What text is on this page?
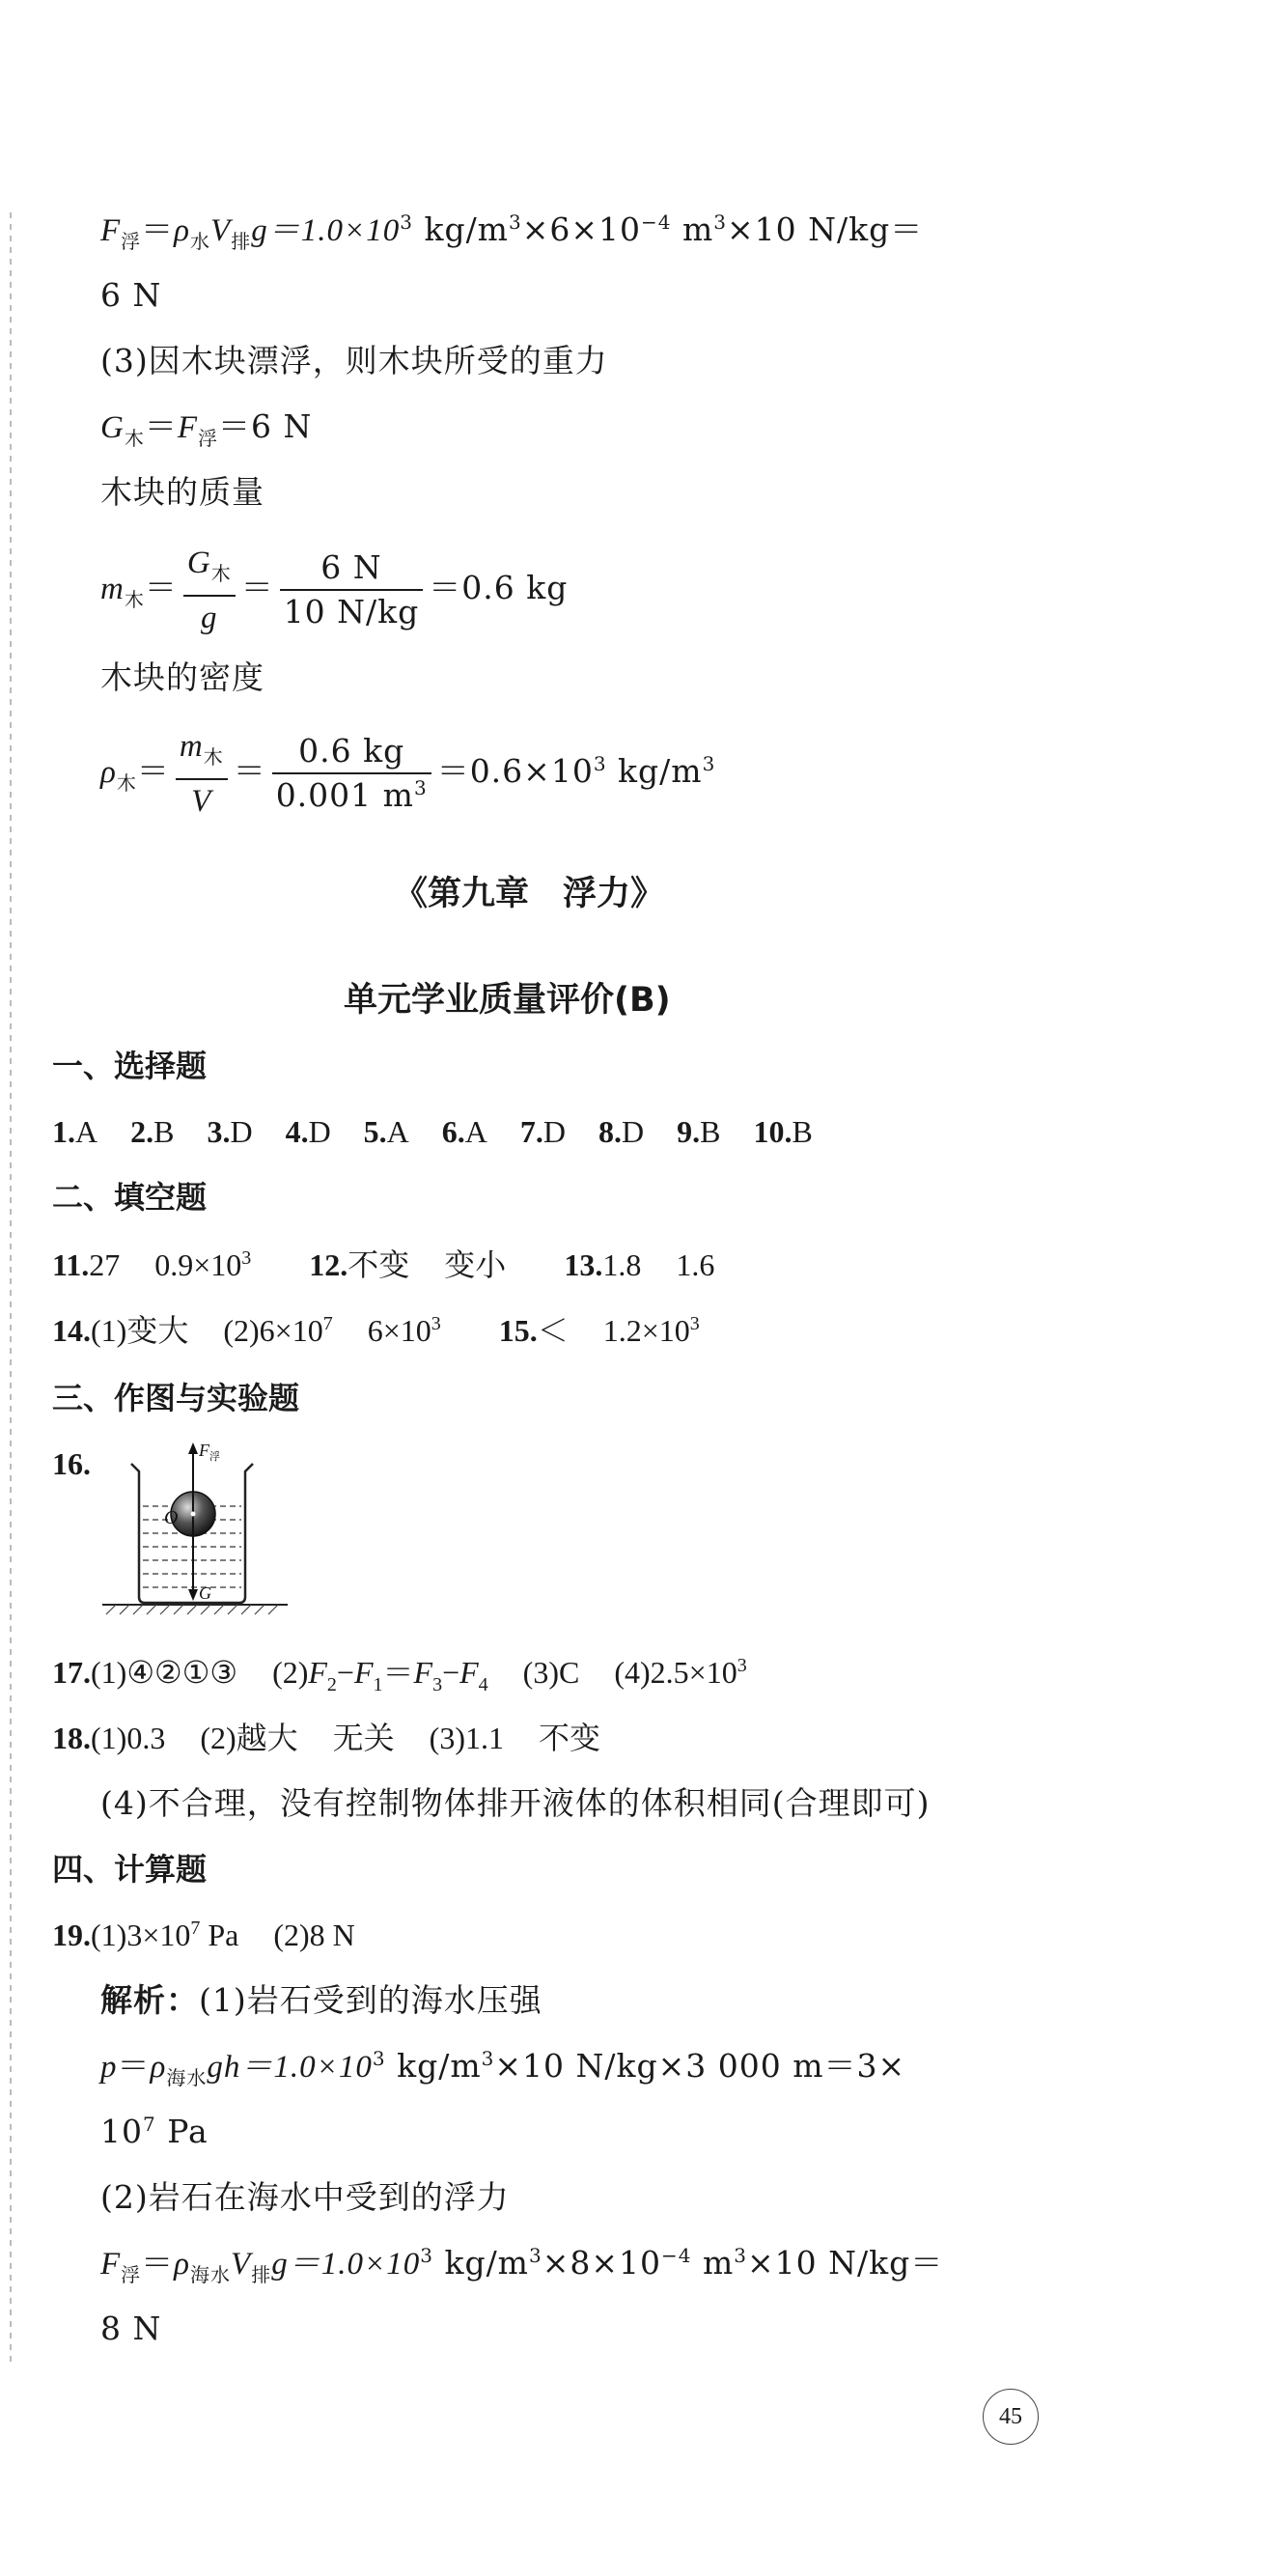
$F_浮=\rho_水V_排g=1.0\times 10^3$ $kg/m^3\times 6\times 10^{-4}$ $m^3\times 10$ N/kg＝
6 N
(3)因木块漂浮，则木块所受的重力
$G_木=F_浮=6$ N
木块的质量
$m_木= \frac{G_木}{g} = \frac{6 N}{10 N/kg} =0.6$ kg
木块的密度
$\rho_木= \frac{m_木}{V} = \frac{0.6 kg}{0.001 m^3} =0.6\times 10^3$ $kg/m^3$
《第九章　浮力》
单元学业质量评价(B)
一、选择题
1.A 2.B 3.D 4.D 5.A 6.A 7.D 8.D 9.B 10.B
二、填空题
11.27 $0.9\times 10^3$ 12.不变 变小 13.1.8 1.6
14.(1)变大 $(2)6\times 10^7$ $6\times 10^3$ $15.< 1.2\times 10^3$
三、作图与实验题
16.	F 浮
O
G
17.(1)④②①③ $(2)F_2-F_1=F_3-F_4$ (3)C $(4)2.5\times 10^3$
18.(1)0.3 (2)越大 无关 (3)1.1 不变
(4)不合理，没有控制物体排开液体的体积相同(合理即可)
四、计算题
$19.(1)3\times 10^7$ Pa (2)8 N
解析：(1)岩石受到的海水压强
$p=\rho_{海水}gh=1.0\times 10^3$ $kg/m^3\times 10$ N/kg×3 000 m＝3×
$10^7$ Pa
(2)岩石在海水中受到的浮力
$F_浮=\rho_{海水}V_排g=1.0\times 10^3$ $kg/m^3\times 8\times 10^{-4}$ $m^3\times 10$ N/kg＝
8 N
45
